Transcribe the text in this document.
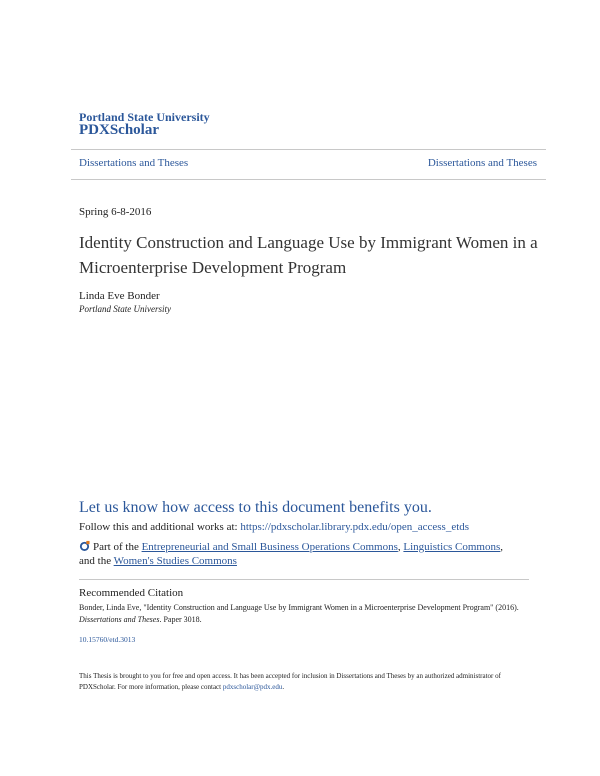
Portland State University
PDXScholar
Dissertations and Theses	Dissertations and Theses
Spring 6-8-2016
Identity Construction and Language Use by Immigrant Women in a Microenterprise Development Program
Linda Eve Bonder
Portland State University
Let us know how access to this document benefits you.
Follow this and additional works at: https://pdxscholar.library.pdx.edu/open_access_etds
Part of the Entrepreneurial and Small Business Operations Commons, Linguistics Commons,
and the Women's Studies Commons
Recommended Citation
Bonder, Linda Eve, "Identity Construction and Language Use by Immigrant Women in a Microenterprise Development Program" (2016). Dissertations and Theses. Paper 3018.
10.15760/etd.3013
This Thesis is brought to you for free and open access. It has been accepted for inclusion in Dissertations and Theses by an authorized administrator of PDXScholar. For more information, please contact pdxscholar@pdx.edu.
